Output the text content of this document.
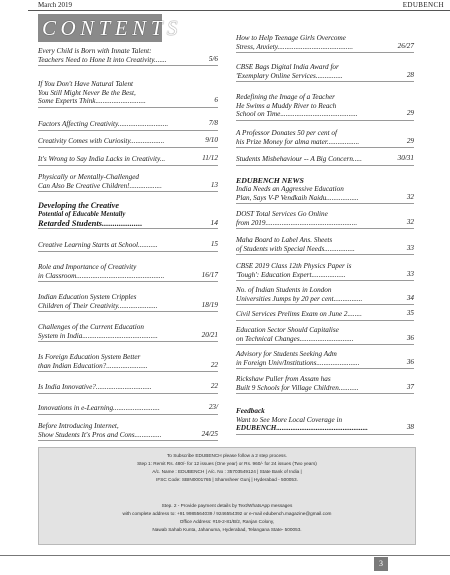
March 2019	EDUBENCH
CONTENTS
Every Child is Born with Innate Talent:
Teachers Need to Hone It into Creativity.......	5/6
If You Don't Have Natural Talent
You Still Might Never Be the Best,
Some Experts Think............................	6
Factors Affecting Creativity............................	7/8
Creativity Comes with Curiosity...................	9/10
It's Wrong to Say India Lacks in Creativity...	11/12
Physically or Mentally-Challenged
Can Also Be Creative Children!..................	13
Developing the Creative
Potential of Educable Mentally
Retarded Students...................	14
Creative Learning Starts at School...........	15
Role and Importance of Creativity
in Classroom.................................................	16/17
Indian Education System Cripples
Children of Their Creativity......................	18/19
Challenges of the Current Education
System in India..........................................	20/21
Is Foreign Education System Better
than Indian Education?.......................	22
Is India Innovative?...............................	22
Innovations in e-Learning..........................	23/
Before Introducing Internet,
Show Students It's Pros and Cons...............	24/25
How to Help Teenage Girls Overcome
Stress, Anxiety..........................................	26/27
CBSE Bags Digital India Award for
'Exemplary Online Services...............	28
Redefining the Image of a Teacher
He Swims a Muddy River to Reach
School on Time...........................................	29
A Professor Donates 50 per cent of
his Prize Money for alma mater..................	29
Students Misbehaviour -- A Big Concern.....	30/31
EDUBENCH NEWS
India Needs an Aggressive Education
Plan, Says V-P Vendkaih Naidu..................	32
DOST Total Services Go Online
from 2019...................................................	32
Maha Board to Label Ans. Sheets
of Students with Special Needs.................	33
CBSE 2019 Class 12th Physics Paper is
'Tough': Education Expert...................	33
No. of Indian Students in London
Universities Jumps by 20 per cent................	34
Civil Services Prelims Exam on June 2........	35
Education Sector Should Capitalise
on Technical Changes..............................	36
Advisory for Students Seeking Adm
in Foreign Univ/Institutions........................	36
Rickshaw Puller from Assam has
Built 9 Schools for Village Children...........	37
Feedback
Want to See More Local Coverage in
EDUBENCH...................................................	38
To Subscribe EDUBENCH please follow a 2 step process.
Step 1: Remit Rs. 480/- for 12 issues (One year) or Rs. 960/- for 24 issues (Two years)
A/c. Name : EDUBENCH | A/c. No : 35703549124 | State Bank of India |
IFSC Code: SBIN0001765 | Shamsheer Gunj | Hyderabad - 500053.
Step. 2 - Provide payment details by Text/WhatsApp messages
with complete address to: +91 9985564039 / 9246554392 or e-mail edubench.magazine@gmail.com
Office Address: #19-2-81/B/2, Ranjan Colony,
Nawab Sahab Kunta, Jahanuma, Hyderabad, Telangana State- 500053.
3
